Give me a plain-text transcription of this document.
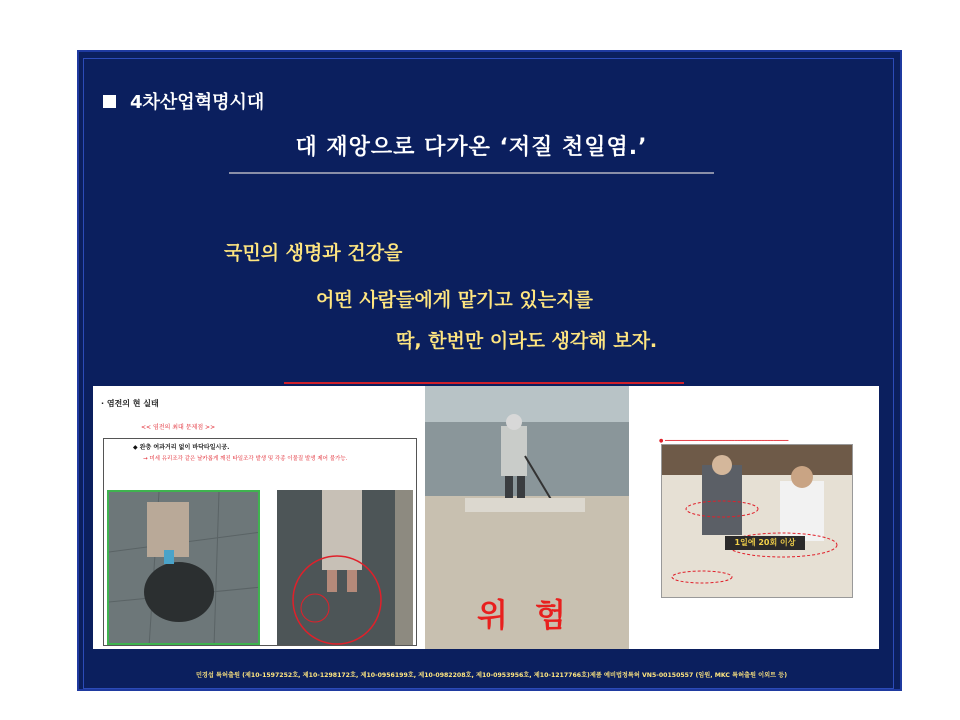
4차산업혁명시대
대 재앙으로 다가온 ‘저질 천일염.’
국민의 생명과 건강을
어떤 사람들에게 맡기고 있는지를
딱, 한번만 이라도 생각해 보자.
· 염전의 현 실태
<< 염전의 최대 문제점 >>
◆ 완충 여과거리 없이 바닥타일시공.
→ 미세 유리조각 같은 날카롭게 깨진 타일조각 발생 및 각종 이물질 발생 제어 불가능.
위 험
● ━━━━━━━━━━━━━━━━━━━━━━━━━━━━━━━━━━━━━━━━━
1일에 20회 이상
민경섭 특허출원 (제10-1597252호, 제10-1298172호, 제10-0956199호, 제10-0982208호, 제10-0953956호, 제10-1217766호)제품 예비법정특허 VN5-00150557 (임원, MKC 특허출원 이외트 등)
